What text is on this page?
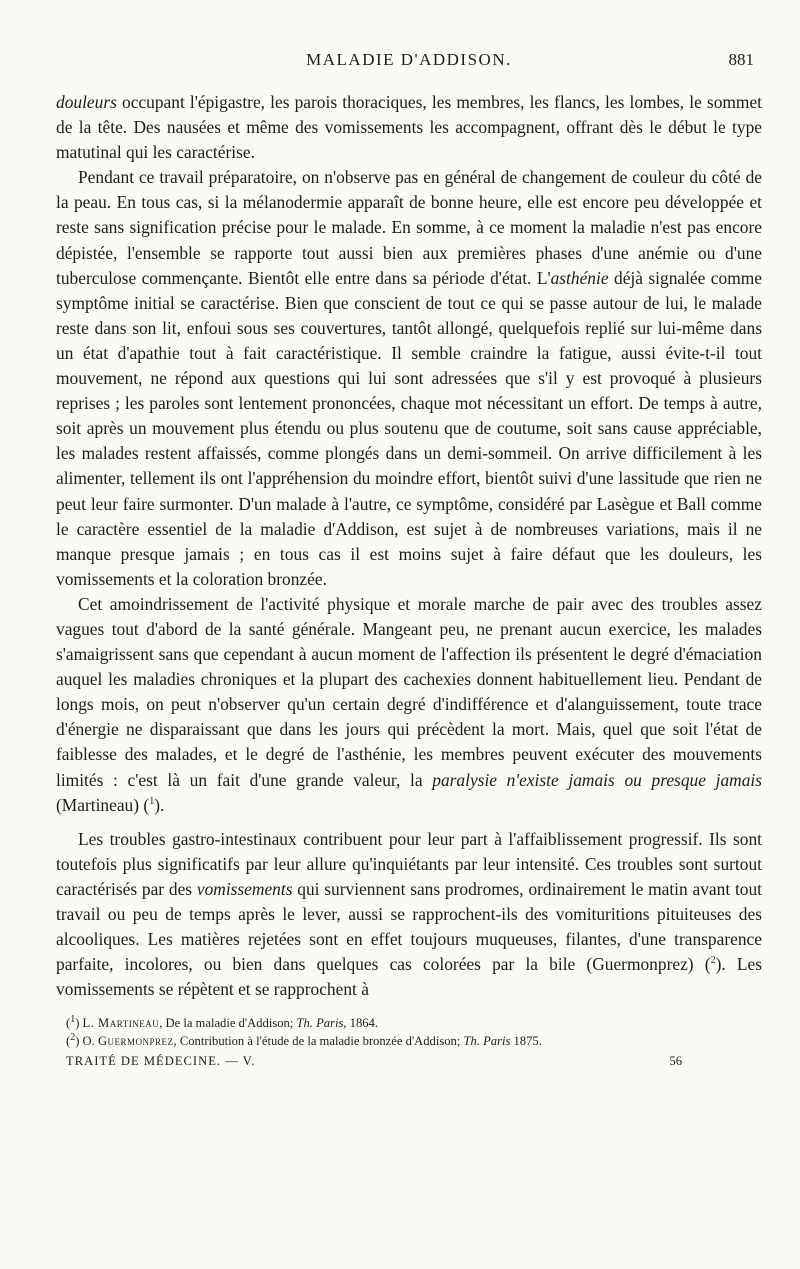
MALADIE D'ADDISON.	881

douleurs occupant l'épigastre, les parois thoraciques, les membres, les flancs, les lombes, le sommet de la tête. Des nausées et même des vomissements les accompagnent, offrant dès le début le type matutinal qui les caractérise.

Pendant ce travail préparatoire, on n'observe pas en général de changement de couleur du côté de la peau. En tous cas, si la mélanodermie apparaît de bonne heure, elle est encore peu développée et reste sans signification précise pour le malade. En somme, à ce moment la maladie n'est pas encore dépistée, l'ensemble se rapporte tout aussi bien aux premières phases d'une anémie ou d'une tuberculose commençante. Bientôt elle entre dans sa période d'état. L'asthénie déjà signalée comme symptôme initial se caractérise. Bien que conscient de tout ce qui se passe autour de lui, le malade reste dans son lit, enfoui sous ses couvertures, tantôt allongé, quelquefois replié sur lui-même dans un état d'apathie tout à fait caractéristique. Il semble craindre la fatigue, aussi évite-t-il tout mouvement, ne répond aux questions qui lui sont adressées que s'il y est provoqué à plusieurs reprises ; les paroles sont lentement prononcées, chaque mot nécessitant un effort. De temps à autre, soit après un mouvement plus étendu ou plus soutenu que de coutume, soit sans cause appréciable, les malades restent affaissés, comme plongés dans un demi-sommeil. On arrive difficilement à les alimenter, tellement ils ont l'appréhension du moindre effort, bientôt suivi d'une lassitude que rien ne peut leur faire surmonter. D'un malade à l'autre, ce symptôme, considéré par Lasègue et Ball comme le caractère essentiel de la maladie d'Addison, est sujet à de nombreuses variations, mais il ne manque presque jamais ; en tous cas il est moins sujet à faire défaut que les douleurs, les vomissements et la coloration bronzée.

Cet amoindrissement de l'activité physique et morale marche de pair avec des troubles assez vagues tout d'abord de la santé générale. Mangeant peu, ne prenant aucun exercice, les malades s'amaigrissent sans que cependant à aucun moment de l'affection ils présentent le degré d'émaciation auquel les maladies chroniques et la plupart des cachexies donnent habituellement lieu. Pendant de longs mois, on peut n'observer qu'un certain degré d'indifférence et d'alanguissement, toute trace d'énergie ne disparaissant que dans les jours qui précèdent la mort. Mais, quel que soit l'état de faiblesse des malades, et le degré de l'asthénie, les membres peuvent exécuter des mouvements limités : c'est là un fait d'une grande valeur, la paralysie n'existe jamais ou presque jamais (Martineau) ($^1$).

Les troubles gastro-intestinaux contribuent pour leur part à l'affaiblissement progressif. Ils sont toutefois plus significatifs par leur allure qu'inquiétants par leur intensité. Ces troubles sont surtout caractérisés par des vomissements qui surviennent sans prodromes, ordinairement le matin avant tout travail ou peu de temps après le lever, aussi se rapprochent-ils des vomituritions pituiteuses des alcooliques. Les matières rejetées sont en effet toujours muqueuses, filantes, d'une transparence parfaite, incolores, ou bien dans quelques cas colorées par la bile (Guermonprez) ($^2$). Les vomissements se répètent et se rapprochent à

($^1$) L. Martineau, De la maladie d'Addison; Th. Paris, 1864.

($^2$) O. Guermonprez, Contribution à l'étude de la maladie bronzée d'Addison; Th. Paris 1875.

TRAITÉ DE MÉDECINE. — V.	56
